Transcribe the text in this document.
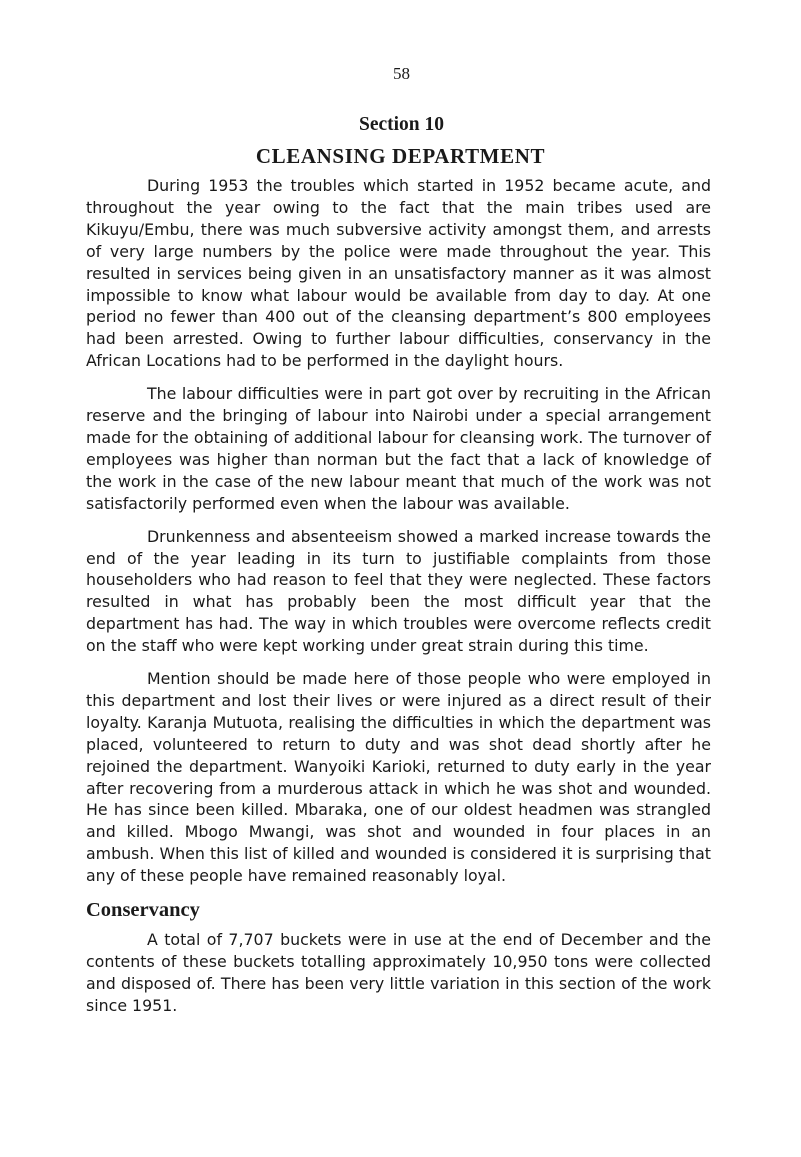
58
Section 10
CLEANSING DEPARTMENT

During 1953 the troubles which started in 1952 became acute, and throughout the year owing to the fact that the main tribes used are Kikuyu/Embu, there was much subversive activity amongst them, and arrests of very large numbers by the police were made throughout the year. This resulted in services being given in an unsatisfactory manner as it was almost impossible to know what labour would be available from day to day. At one period no fewer than 400 out of the cleansing department’s 800 employees had been arrested. Owing to further labour difficulties, conservancy in the African Locations had to be performed in the daylight hours.

The labour difficulties were in part got over by recruiting in the African reserve and the bringing of labour into Nairobi under a special arrangement made for the obtaining of additional labour for cleansing work. The turnover of employees was higher than norman but the fact that a lack of knowledge of the work in the case of the new labour meant that much of the work was not satisfactorily performed even when the labour was available.

Drunkenness and absenteeism showed a marked increase towards the end of the year leading in its turn to justifiable complaints from those householders who had reason to feel that they were neglected. These factors resulted in what has probably been the most difficult year that the department has had. The way in which troubles were overcome reflects credit on the staff who were kept working under great strain during this time.

Mention should be made here of those people who were employed in this department and lost their lives or were injured as a direct result of their loyalty. Karanja Mutuota, realising the difficulties in which the department was placed, volunteered to return to duty and was shot dead shortly after he rejoined the department. Wanyoiki Karioki, returned to duty early in the year after recovering from a murderous attack in which he was shot and wounded. He has since been killed. Mbaraka, one of our oldest headmen was strangled and killed. Mbogo Mwangi, was shot and wounded in four places in an ambush. When this list of killed and wounded is considered it is surprising that any of these people have remained reasonably loyal.

Conservancy

A total of 7,707 buckets were in use at the end of December and the contents of these buckets totalling approximately 10,950 tons were collected and disposed of. There has been very little variation in this section of the work since 1951.
